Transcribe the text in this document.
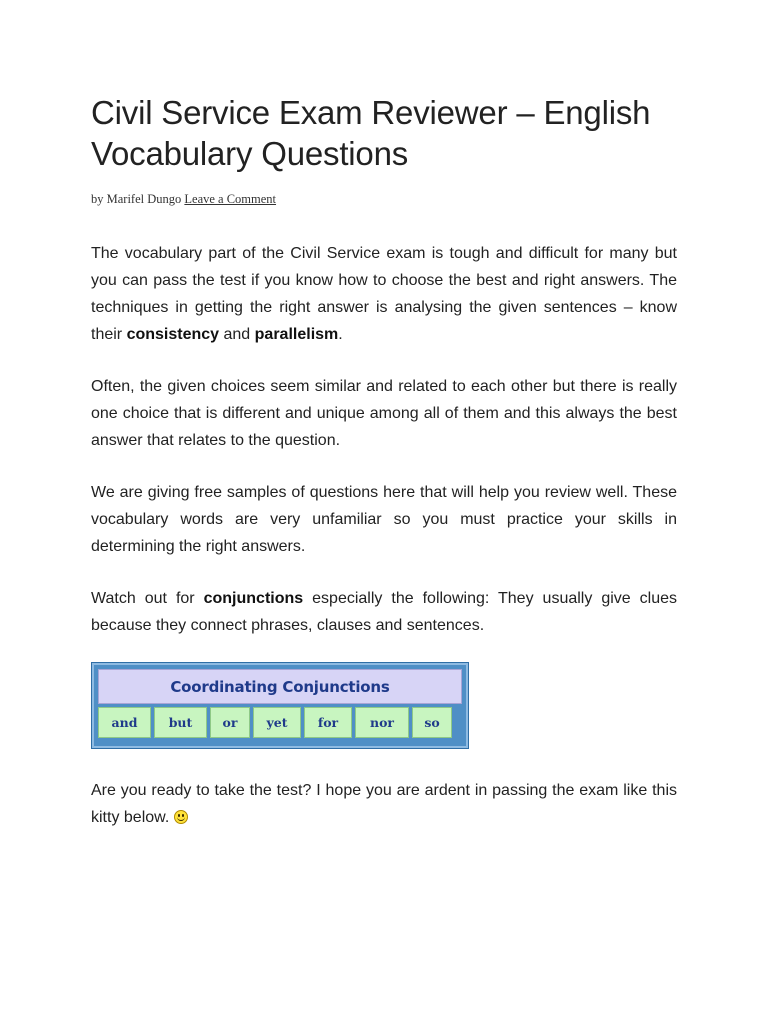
Civil Service Exam Reviewer – English Vocabulary Questions
by Marifel Dungo Leave a Comment

The vocabulary part of the Civil Service exam is tough and difficult for many but you can pass the test if you know how to choose the best and right answers. The techniques in getting the right answer is analysing the given sentences – know their consistency and parallelism.

Often, the given choices seem similar and related to each other but there is really one choice that is different and unique among all of them and this always the best answer that relates to the question.

We are giving free samples of questions here that will help you review well. These vocabulary words are very unfamiliar so you must practice your skills in determining the right answers.

Watch out for conjunctions especially the following: They usually give clues because they connect phrases, clauses and sentences.

Coordinating Conjunctions
and	but	or	yet	for	nor	so

Are you ready to take the test? I hope you are ardent in passing the exam like this kitty below.
